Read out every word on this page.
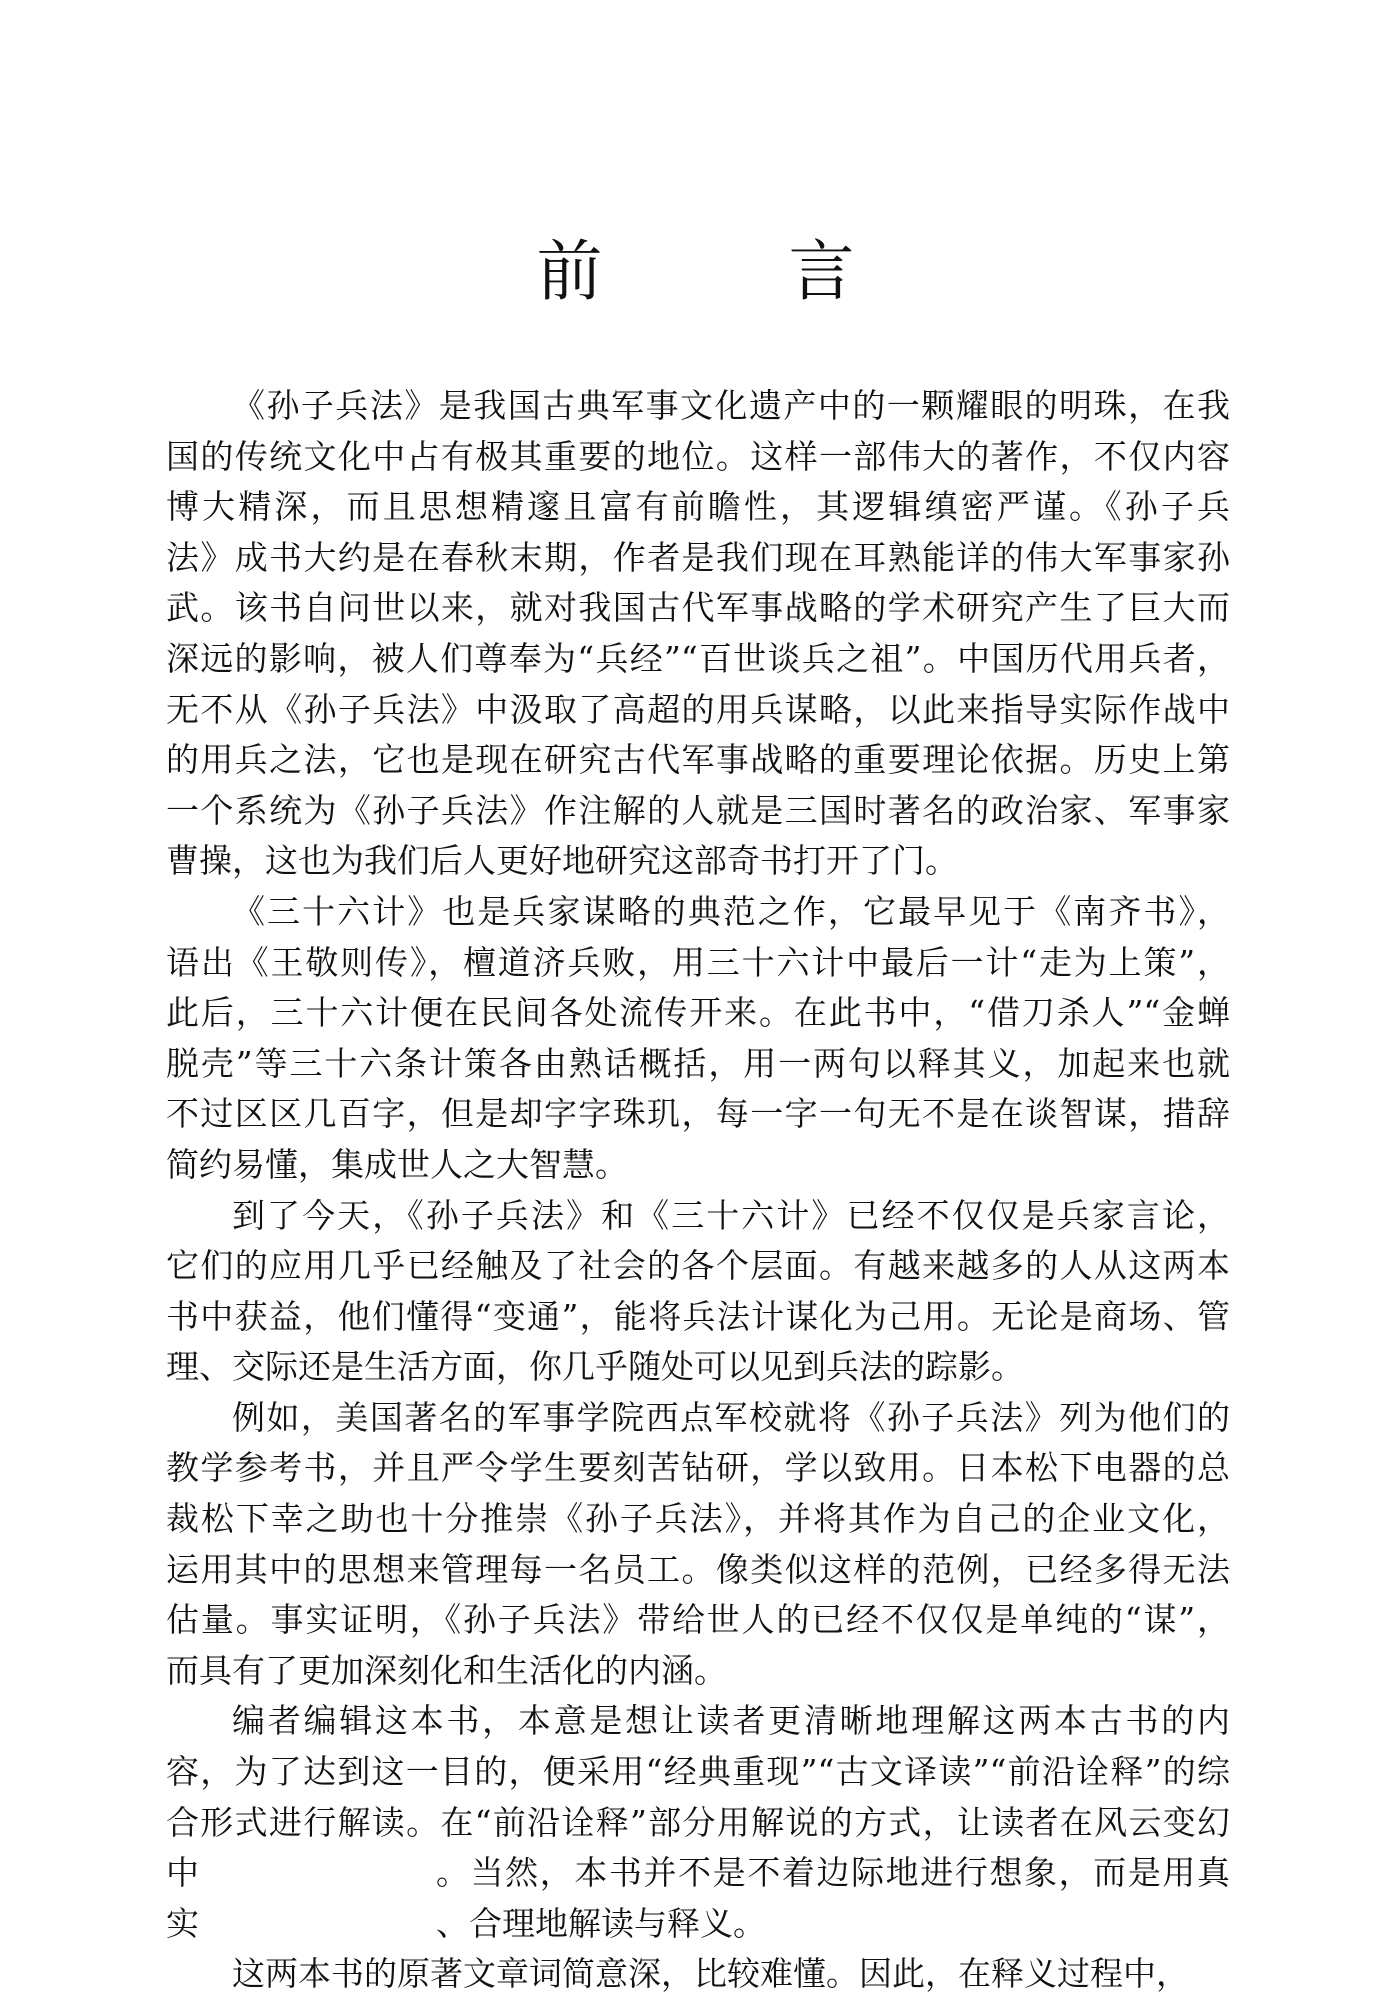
前　言
《孙子兵法》是我国古典军事文化遗产中的一颗耀眼的明珠，在我
国的传统文化中占有极其重要的地位。这样一部伟大的著作，不仅内容
博大精深，而且思想精邃且富有前瞻性，其逻辑缜密严谨。《孙子兵
法》成书大约是在春秋末期，作者是我们现在耳熟能详的伟大军事家孙
武。该书自问世以来，就对我国古代军事战略的学术研究产生了巨大而
深远的影响，被人们尊奉为“兵经”“百世谈兵之祖”。中国历代用兵者，
无不从《孙子兵法》中汲取了高超的用兵谋略，以此来指导实际作战中
的用兵之法，它也是现在研究古代军事战略的重要理论依据。历史上第
一个系统为《孙子兵法》作注解的人就是三国时著名的政治家、军事家
曹操，这也为我们后人更好地研究这部奇书打开了门。
《三十六计》也是兵家谋略的典范之作，它最早见于《南齐书》，
语出《王敬则传》，檀道济兵败，用三十六计中最后一计“走为上策”，
此后，三十六计便在民间各处流传开来。在此书中，“借刀杀人”“金蝉
脱壳”等三十六条计策各由熟话概括，用一两句以释其义，加起来也就
不过区区几百字，但是却字字珠玑，每一字一句无不是在谈智谋，措辞
简约易懂，集成世人之大智慧。
到了今天，《孙子兵法》和《三十六计》已经不仅仅是兵家言论，
它们的应用几乎已经触及了社会的各个层面。有越来越多的人从这两本
书中获益，他们懂得“变通”，能将兵法计谋化为己用。无论是商场、管
理、交际还是生活方面，你几乎随处可以见到兵法的踪影。
例如，美国著名的军事学院西点军校就将《孙子兵法》列为他们的
教学参考书，并且严令学生要刻苦钻研，学以致用。日本松下电器的总
裁松下幸之助也十分推崇《孙子兵法》，并将其作为自己的企业文化，
运用其中的思想来管理每一名员工。像类似这样的范例，已经多得无法
估量。事实证明，《孙子兵法》带给世人的已经不仅仅是单纯的“谋”，
而具有了更加深刻化和生活化的内涵。
编者编辑这本书，本意是想让读者更清晰地理解这两本古书的内
容，为了达到这一目的，便采用“经典重现”“古文译读”“前沿诠释”的综
合形式进行解读。在“前沿诠释”部分用解说的方式，让读者在风云变幻
中	。当然，本书并不是不着边际地进行想象，而是用真
实	、合理地解读与释义。
这两本书的原著文章词简意深，比较难懂。因此，在释义过程中，
